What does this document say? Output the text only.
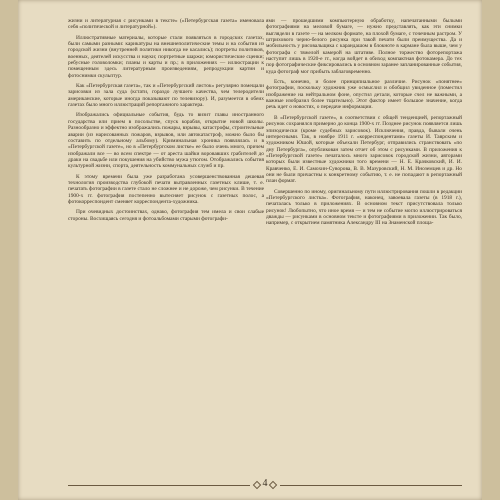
жизни и литературная с рисунками в тексте» («Петербургская газета» именовала себя «политической и литературной»).

Иллюстративные материалы, которые стали появляться в городских газетах, были самыми разными: карикатуры на внешнеполитические темы и на события из городской жизни (внутренней политики никогда не касались); портреты политиков, военных, деятелей искусства и науки; портретные шаржи; юмористические сценки; ребусные головоломки; планы и карты и пр.; в приложениях — иллюстрации к помещенным здесь литературным произведениям, репродукции картин и фотоснимки скульптур.

Как «Петербургская газета», так и «Петербургский листок» регулярно помещали зарисовки из зала суда (кстати, гораздо лучшего качества, чем телеродители американские, которые иногда показывают по телевизору). И, разумеется в обеих газетах было много иллюстраций репортажного характера.

Изображались официальные события, будь то визит главы иностранного государства или прием в посольстве, спуск корабля, открытие новой школы. Разнообразно и эффектно изображались пожары, взрывы, катастрофы, строительные аварии (из нарисованных пожаров, взрывов, или автокатастроф, можно было бы составить по отдельному альбому). Криминальная хроника появлялась и в «Петербургской газете», но в «Петербургском листке» ее было очень много, причем изображали все — во всем спектре — от ареста шайки воровавших грабителей до драки на свадьбе или покушения на убийство мужа утюгом. Отображались события культурной жизни, спорта, деятельность коммунальных служб и пр.

К этому времени была уже разработана усовершенствованная дешевая технология производства глубокой печати вытравленных газетных клише, т. е. печатать фотографии в газете стало не сложнее и не дороже, чем рисунки. В течение 1900-х гг. фотография постепенно вытесняет рисунок с газетных полос, а фотокорреспондент сменяет корреспондента-художника.

При очевидных достоинствах, однако, фотография тем имела и свои слабые стороны. Восхищаясь сегодня и фотоальбомами старыми фотографи-

ями — прошедшими компьютерную обработку, напечатанными былыми фотографиями на меловой бумаге, — нужно представлять, как эти снимки выглядели в газете — на мелком формате, на плохой бумаге, с точечным растром. У штрихового черно-белого рисунка при такой печати были преимущества. Да и мобильность у рисовальщика с карандашом в блокноте в кармане была выше, чем у фотографа с тяжелой камерой на штативе. Полное торжество фоторепортажа наступит лишь в 1920-е гг., когда войдет в обиход компактная фотокамера. До тех пор фотографические фиксировались в основном заранее запланированные события, куда фотограф мог прибыть заблаговременно.

Есть, конечно, и более принципиальное различие. Рисунок «понятнее» фотографии, поскольку художник уже осмыслил и обобщил увиденное (поместил изображение на нейтральном фоне, опустил детали, которые счел не важными, а важные изобразил более тщательно). Этот фактор имеет большое значение, когда речь идет о новостях, о передаче информации.

В «Петербургской газете», в соответствии с общей тенденцией, репортажный рисунок сохранялся примерно до конца 1900-х гг. Позднее рисунок появляется лишь эпизодически (кроме судебных зарисовок). Исключения, правда, бывали очень интересными. Так, в ноябре 1911 г. «корреспондентами» газеты И. Таврским и художником Юшой, которые объехали Петербург, отправились странствовать «по дну Петербурга», опубликован затем отчет об этом с рисунками. В приложения к «Петербургской газете» печаталось много зарисовок городской жизни, авторами которых были известные художники того времени — Н. Е. Крачковский, И. И. Кравченко, Е. И. Самохин-Суворова, В. В. Мазуровский, Н. М. Иноземцев и др. Но они не были причастны к конкретному событию, т. е. не попадают в репортажный план формат.

Совершенно по иному, оригинальному пути иллюстрирования пошли в редакции «Петербургского листка». Фотография, наконец, завоевала газеты (в 1918 г.), печаталась только в приложениях. В основном текст присутствовала только рисунок! Любопытно, что иное время — и тем не событие могло иллюстрироваться дважды — рисунками в основном тексте и фотографиями в приложении. Так было, например, с открытием памятника Александру III на Знаменской площа-

4
